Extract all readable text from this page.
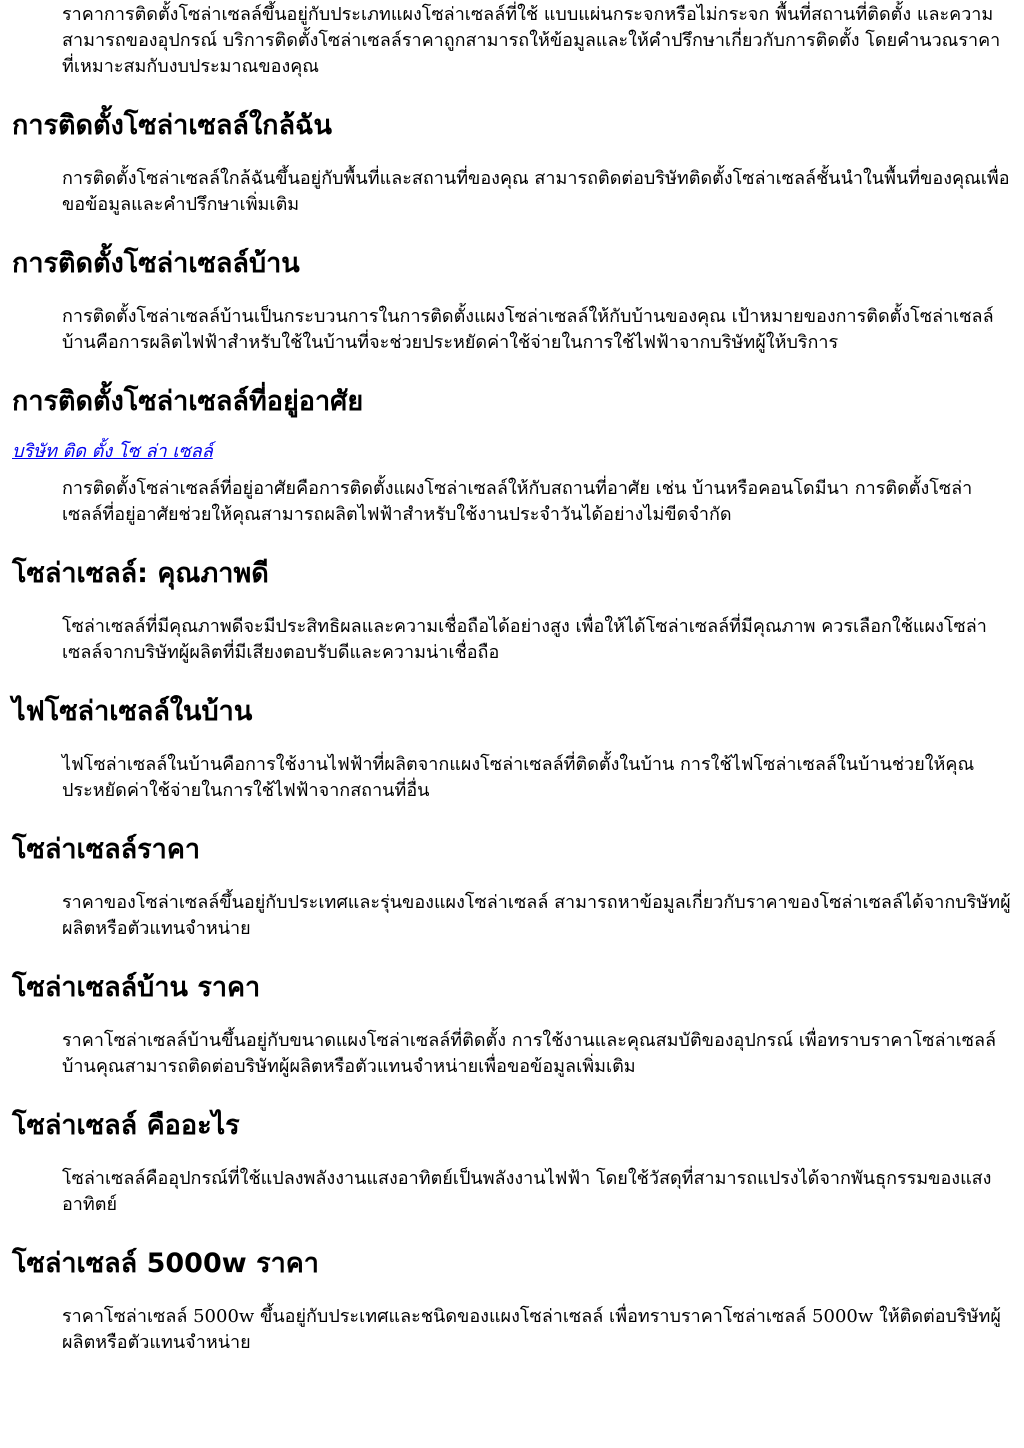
ราคาการติดตั้งโซล่าเซลล์ขึ้นอยู่กับประเภทแผงโซล่าเซลล์ที่ใช้ แบบแผ่นกระจกหรือไม่กระจก พื้นที่สถานที่ติดตั้ง และความสามารถของอุปกรณ์ บริการติดตั้งโซล่าเซลล์ราคาถูกสามารถให้ข้อมูลและให้คำปรึกษาเกี่ยวกับการติดตั้ง โดยคำนวณราคาที่เหมาะสมกับงบประมาณของคุณ

การติดตั้งโซล่าเซลล์ใกล้ฉัน

การติดตั้งโซล่าเซลล์ใกล้ฉันขึ้นอยู่กับพื้นที่และสถานที่ของคุณ สามารถติดต่อบริษัทติดตั้งโซล่าเซลล์ชั้นนำในพื้นที่ของคุณเพื่อขอข้อมูลและคำปรึกษาเพิ่มเติม

การติดตั้งโซล่าเซลล์บ้าน

การติดตั้งโซล่าเซลล์บ้านเป็นกระบวนการในการติดตั้งแผงโซล่าเซลล์ให้กับบ้านของคุณ เป้าหมายของการติดตั้งโซล่าเซลล์บ้านคือการผลิตไฟฟ้าสำหรับใช้ในบ้านที่จะช่วยประหยัดค่าใช้จ่ายในการใช้ไฟฟ้าจากบริษัทผู้ให้บริการ

การติดตั้งโซล่าเซลล์ที่อยู่อาศัย
บริษัท ติด ตั้ง โซ ล่า เซลล์

การติดตั้งโซล่าเซลล์ที่อยู่อาศัยคือการติดตั้งแผงโซล่าเซลล์ให้กับสถานที่อาศัย เช่น บ้านหรือคอนโดมีนา การติดตั้งโซล่าเซลล์ที่อยู่อาศัยช่วยให้คุณสามารถผลิตไฟฟ้าสำหรับใช้งานประจำวันได้อย่างไม่ขีดจำกัด

โซล่าเซลล์: คุณภาพดี

โซล่าเซลล์ที่มีคุณภาพดีจะมีประสิทธิผลและความเชื่อถือได้อย่างสูง เพื่อให้ได้โซล่าเซลล์ที่มีคุณภาพ ควรเลือกใช้แผงโซล่าเซลล์จากบริษัทผู้ผลิตที่มีเสียงตอบรับดีและความน่าเชื่อถือ

ไฟโซล่าเซลล์ในบ้าน

ไฟโซล่าเซลล์ในบ้านคือการใช้งานไฟฟ้าที่ผลิตจากแผงโซล่าเซลล์ที่ติดตั้งในบ้าน การใช้ไฟโซล่าเซลล์ในบ้านช่วยให้คุณประหยัดค่าใช้จ่ายในการใช้ไฟฟ้าจากสถานที่อื่น

โซล่าเซลล์ราคา

ราคาของโซล่าเซลล์ขึ้นอยู่กับประเทศและรุ่นของแผงโซล่าเซลล์ สามารถหาข้อมูลเกี่ยวกับราคาของโซล่าเซลล์ได้จากบริษัทผู้ผลิตหรือตัวแทนจำหน่าย

โซล่าเซลล์บ้าน ราคา

ราคาโซล่าเซลล์บ้านขึ้นอยู่กับขนาดแผงโซล่าเซลล์ที่ติดตั้ง การใช้งานและคุณสมบัติของอุปกรณ์ เพื่อทราบราคาโซล่าเซลล์บ้านคุณสามารถติดต่อบริษัทผู้ผลิตหรือตัวแทนจำหน่ายเพื่อขอข้อมูลเพิ่มเติม

โซล่าเซลล์ คืออะไร

โซล่าเซลล์คืออุปกรณ์ที่ใช้แปลงพลังงานแสงอาทิตย์เป็นพลังงานไฟฟ้า โดยใช้วัสดุที่สามารถแปรงได้จากพันธุกรรมของแสงอาทิตย์

โซล่าเซลล์ 5000w ราคา

ราคาโซล่าเซลล์ 5000w ขึ้นอยู่กับประเทศและชนิดของแผงโซล่าเซลล์ เพื่อทราบราคาโซล่าเซลล์ 5000w ให้ติดต่อบริษัทผู้ผลิตหรือตัวแทนจำหน่าย
